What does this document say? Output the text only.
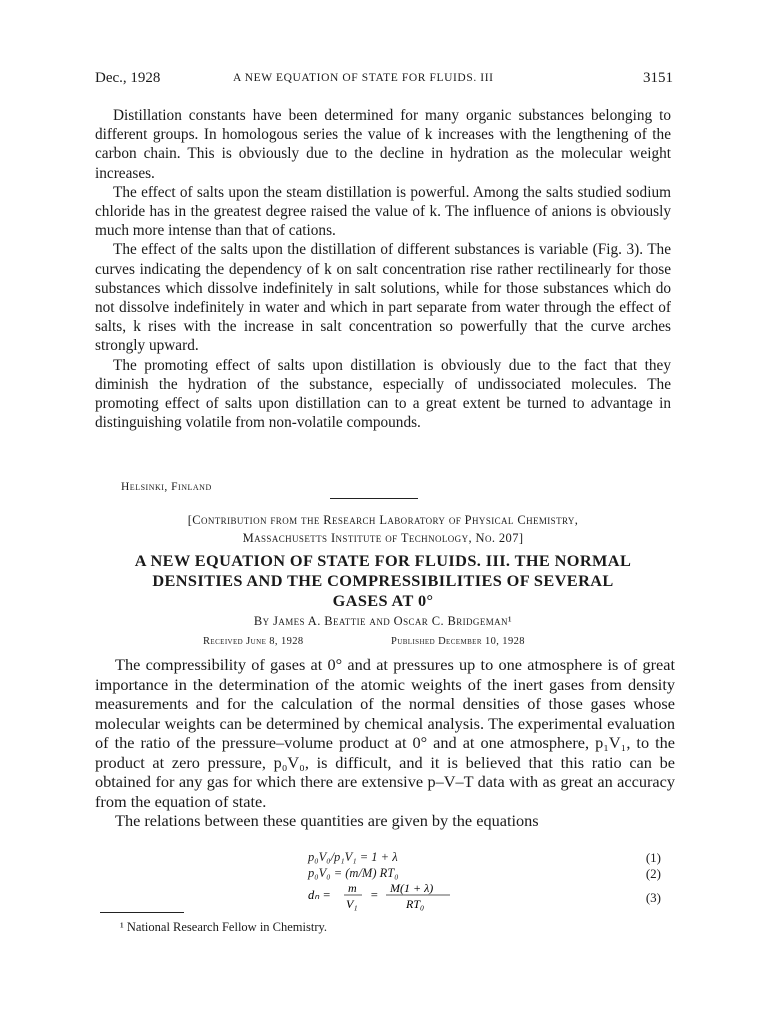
Dec., 1928	A NEW EQUATION OF STATE FOR FLUIDS. III	3151

Distillation constants have been determined for many organic substances belonging to different groups. In homologous series the value of k increases with the lengthening of the carbon chain. This is obviously due to the decline in hydration as the molecular weight increases.

The effect of salts upon the steam distillation is powerful. Among the salts studied sodium chloride has in the greatest degree raised the value of k. The influence of anions is obviously much more intense than that of cations.

The effect of the salts upon the distillation of different substances is variable (Fig. 3). The curves indicating the dependency of k on salt concentration rise rather rectilinearly for those substances which dissolve indefinitely in salt solutions, while for those substances which do not dissolve indefinitely in water and which in part separate from water through the effect of salts, k rises with the increase in salt concentration so powerfully that the curve arches strongly upward.

The promoting effect of salts upon distillation is obviously due to the fact that they diminish the hydration of the substance, especially of undissociated molecules. The promoting effect of salts upon distillation can to a great extent be turned to advantage in distinguishing volatile from non-volatile compounds.

Helsinki, Finland
[Contribution from the Research Laboratory of Physical Chemistry,
Massachusetts Institute of Technology, No. 207]
A NEW EQUATION OF STATE FOR FLUIDS. III. THE NORMAL
DENSITIES AND THE COMPRESSIBILITIES OF SEVERAL
GASES AT 0°
By James A. Beattie and Oscar C. Bridgeman¹
Received June 8, 1928	Published December 10, 1928

The compressibility of gases at 0° and at pressures up to one atmosphere is of great importance in the determination of the atomic weights of the inert gases from density measurements and for the calculation of the normal densities of those gases whose molecular weights can be determined by chemical analysis. The experimental evaluation of the ratio of the pressure–volume product at 0° and at one atmosphere, p₁V₁, to the product at zero pressure, p₀V₀, is difficult, and it is believed that this ratio can be obtained for any gas for which there are extensive p–V–T data with as great an accuracy from the equation of state.

The relations between these quantities are given by the equations

p₀V₀/p₁V₁ = 1 + λ	(1)
p₀V₀ = (m/M) RT₀	(2)
dₙ = m
V₁
= M(1 + λ)
RT₀	(3)
¹ National Research Fellow in Chemistry.
